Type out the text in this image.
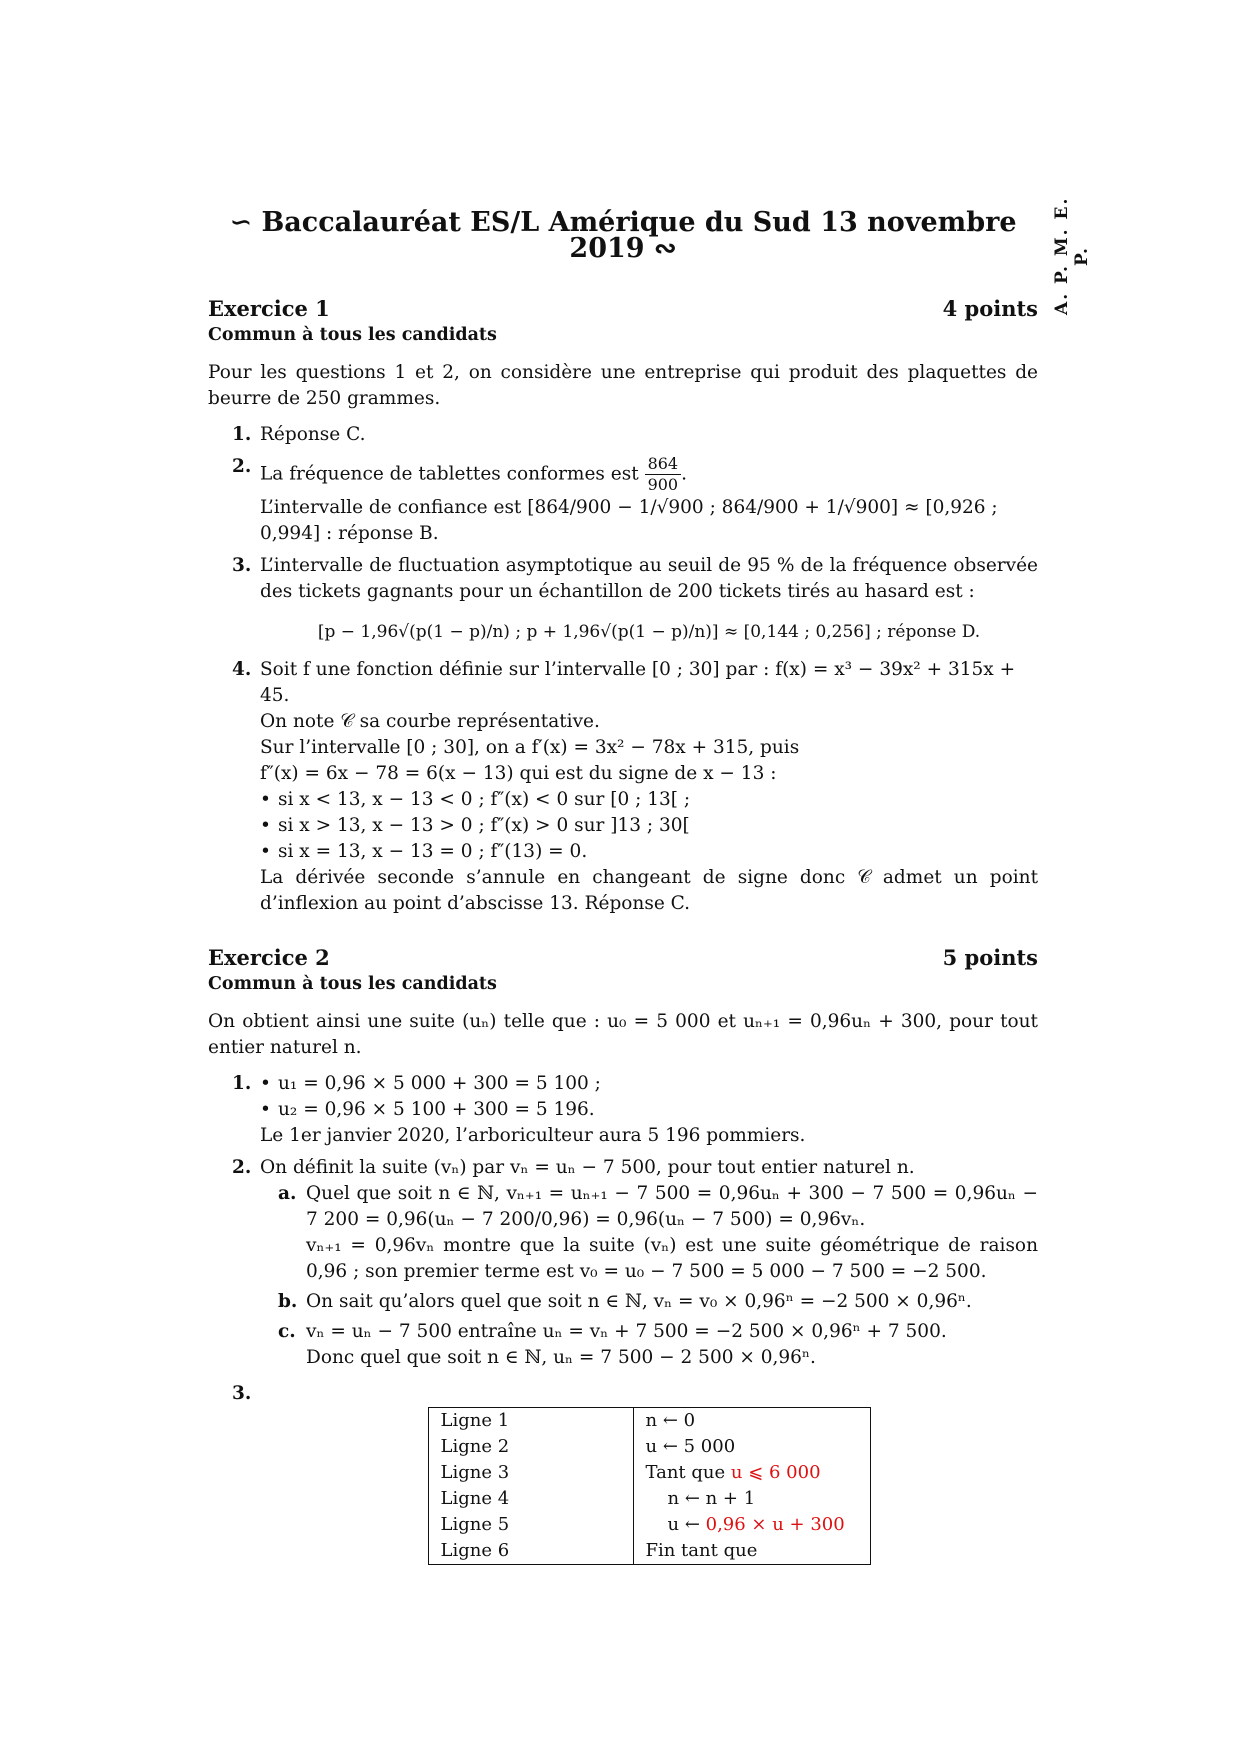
A. P. M. E. P.
∽ Baccalauréat ES/L Amérique du Sud 13 novembre 2019 ∾
Exercice 1	4 points
Commun à tous les candidats

Pour les questions 1 et 2, on considère une entreprise qui produit des plaquettes de beurre de 250 grammes.

1. Réponse C.
2. La fréquence de tablettes conformes est $\frac{864}{900}$ .
L’intervalle de confiance est [864/900 − 1/√900 ; 864/900 + 1/√900] ≈ [0,926 ; 0,994] : réponse B.
3. L’intervalle de fluctuation asymptotique au seuil de 95 % de la fréquence observée des tickets gagnants pour un échantillon de 200 tickets tirés au hasard est :
[p − 1,96√(p(1 − p)/n) ; p + 1,96√(p(1 − p)/n)] ≈ [0,144 ; 0,256] ; réponse D.
4. Soit f une fonction définie sur l’intervalle [0 ; 30] par : f(x) = x³ − 39x² + 315x + 45.
On note 𝒞 sa courbe représentative.
Sur l’intervalle [0 ; 30], on a f′(x) = 3x² − 78x + 315, puis
f″(x) = 6x − 78 = 6(x − 13) qui est du signe de x − 13 :
• si x < 13, x − 13 < 0 ; f″(x) < 0 sur [0 ; 13[ ;
• si x > 13, x − 13 > 0 ; f″(x) > 0 sur ]13 ; 30[
• si x = 13, x − 13 = 0 ; f″(13) = 0.
La dérivée seconde s’annule en changeant de signe donc 𝒞 admet un point d’inflexion au point d’abscisse 13. Réponse C.
Exercice 2	5 points
Commun à tous les candidats

On obtient ainsi une suite (uₙ) telle que : u₀ = 5 000 et uₙ₊₁ = 0,96uₙ + 300, pour tout entier naturel n.

1.	• u₁ = 0,96 × 5 000 + 300 = 5 100 ;
• u₂ = 0,96 × 5 100 + 300 = 5 196.
Le 1er janvier 2020, l’arboriculteur aura 5 196 pommiers.
2. On définit la suite (vₙ) par vₙ = uₙ − 7 500, pour tout entier naturel n.
a. Quel que soit n ∈ ℕ, vₙ₊₁ = uₙ₊₁ − 7 500 = 0,96uₙ + 300 − 7 500 = 0,96uₙ − 7 200 = 0,96(uₙ − 7 200/0,96) = 0,96(uₙ − 7 500) = 0,96vₙ.
vₙ₊₁ = 0,96vₙ montre que la suite (vₙ) est une suite géométrique de raison 0,96 ; son premier terme est v₀ = u₀ − 7 500 = 5 000 − 7 500 = −2 500.
b. On sait qu’alors quel que soit n ∈ ℕ, vₙ = v₀ × 0,96ⁿ = −2 500 × 0,96ⁿ.
c. vₙ = uₙ − 7 500 entraîne uₙ = vₙ + 7 500 = −2 500 × 0,96ⁿ + 7 500.
Donc quel que soit n ∈ ℕ, uₙ = 7 500 − 2 500 × 0,96ⁿ.
3.
Ligne 1	n ← 0
Ligne 2	u ← 5 000
Ligne 3	Tant que u ⩽ 6 000
Ligne 4	n ← n + 1
Ligne 5	u ← 0,96 × u + 300
Ligne 6	Fin tant que
